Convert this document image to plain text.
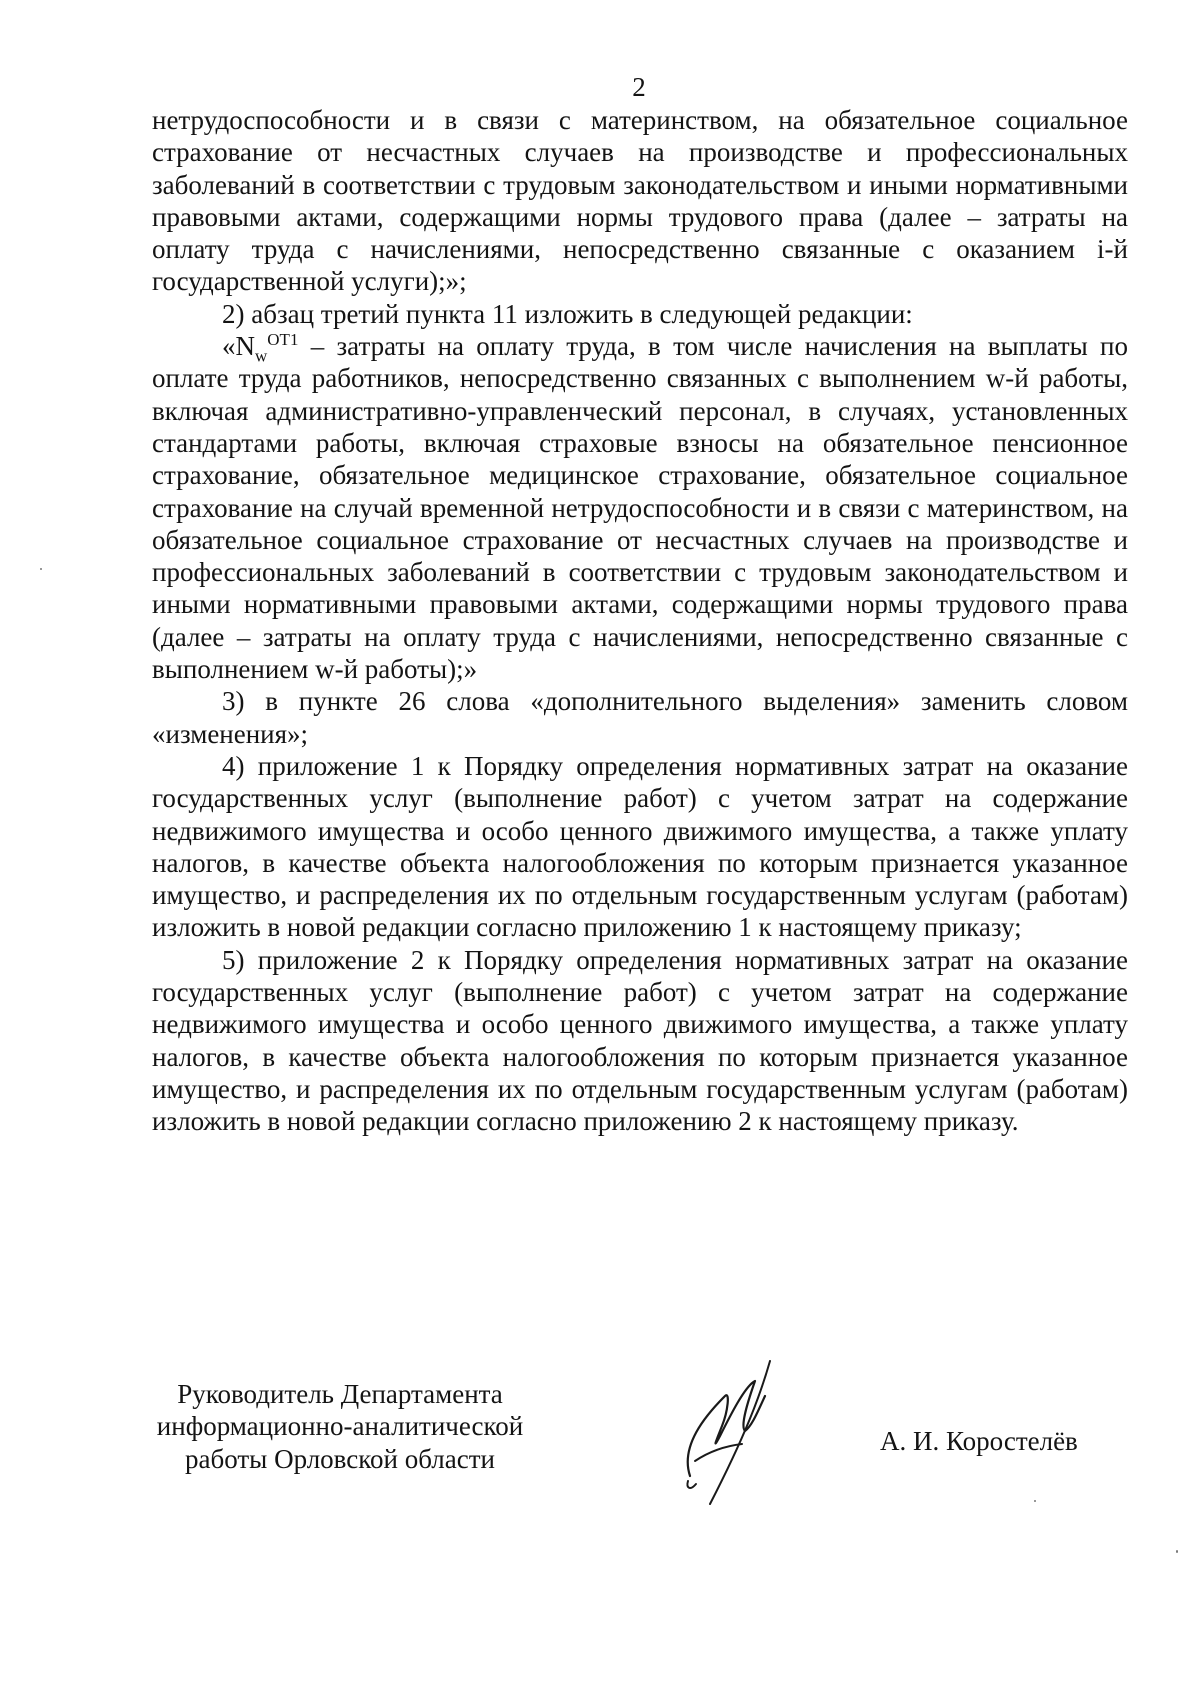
2

нетрудоспособности и в связи с материнством, на обязательное социальное страхование от несчастных случаев на производстве и профессиональных заболеваний в соответствии с трудовым законодательством и иными нормативными правовыми актами, содержащими нормы трудового права (далее – затраты на оплату труда с начислениями, непосредственно связанные с оказанием i-й государственной услуги);»;

2) абзац третий пункта 11 изложить в следующей редакции:

«$N_w^{ОТ1}$ – затраты на оплату труда, в том числе начисления на выплаты по оплате труда работников, непосредственно связанных с выполнением w-й работы, включая административно-управленческий персонал, в случаях, установленных стандартами работы, включая страховые взносы на обязательное пенсионное страхование, обязательное медицинское страхование, обязательное социальное страхование на случай временной нетрудоспособности и в связи с материнством, на обязательное социальное страхование от несчастных случаев на производстве и профессиональных заболеваний в соответствии с трудовым законодательством и иными нормативными правовыми актами, содержащими нормы трудового права (далее – затраты на оплату труда с начислениями, непосредственно связанные с выполнением w-й работы);»

3) в пункте 26 слова «дополнительного выделения» заменить словом «изменения»;

4) приложение 1 к Порядку определения нормативных затрат на оказание государственных услуг (выполнение работ) с учетом затрат на содержание недвижимого имущества и особо ценного движимого имущества, а также уплату налогов, в качестве объекта налогообложения по которым признается указанное имущество, и распределения их по отдельным государственным услугам (работам) изложить в новой редакции согласно приложению 1 к настоящему приказу;

5) приложение 2 к Порядку определения нормативных затрат на оказание государственных услуг (выполнение работ) с учетом затрат на содержание недвижимого имущества и особо ценного движимого имущества, а также уплату налогов, в качестве объекта налогообложения по которым признается указанное имущество, и распределения их по отдельным государственным услугам (работам) изложить в новой редакции согласно приложению 2 к настоящему приказу.

Руководитель Департамента
информационно-аналитической
работы Орловской области
А. И. Коростелёв
